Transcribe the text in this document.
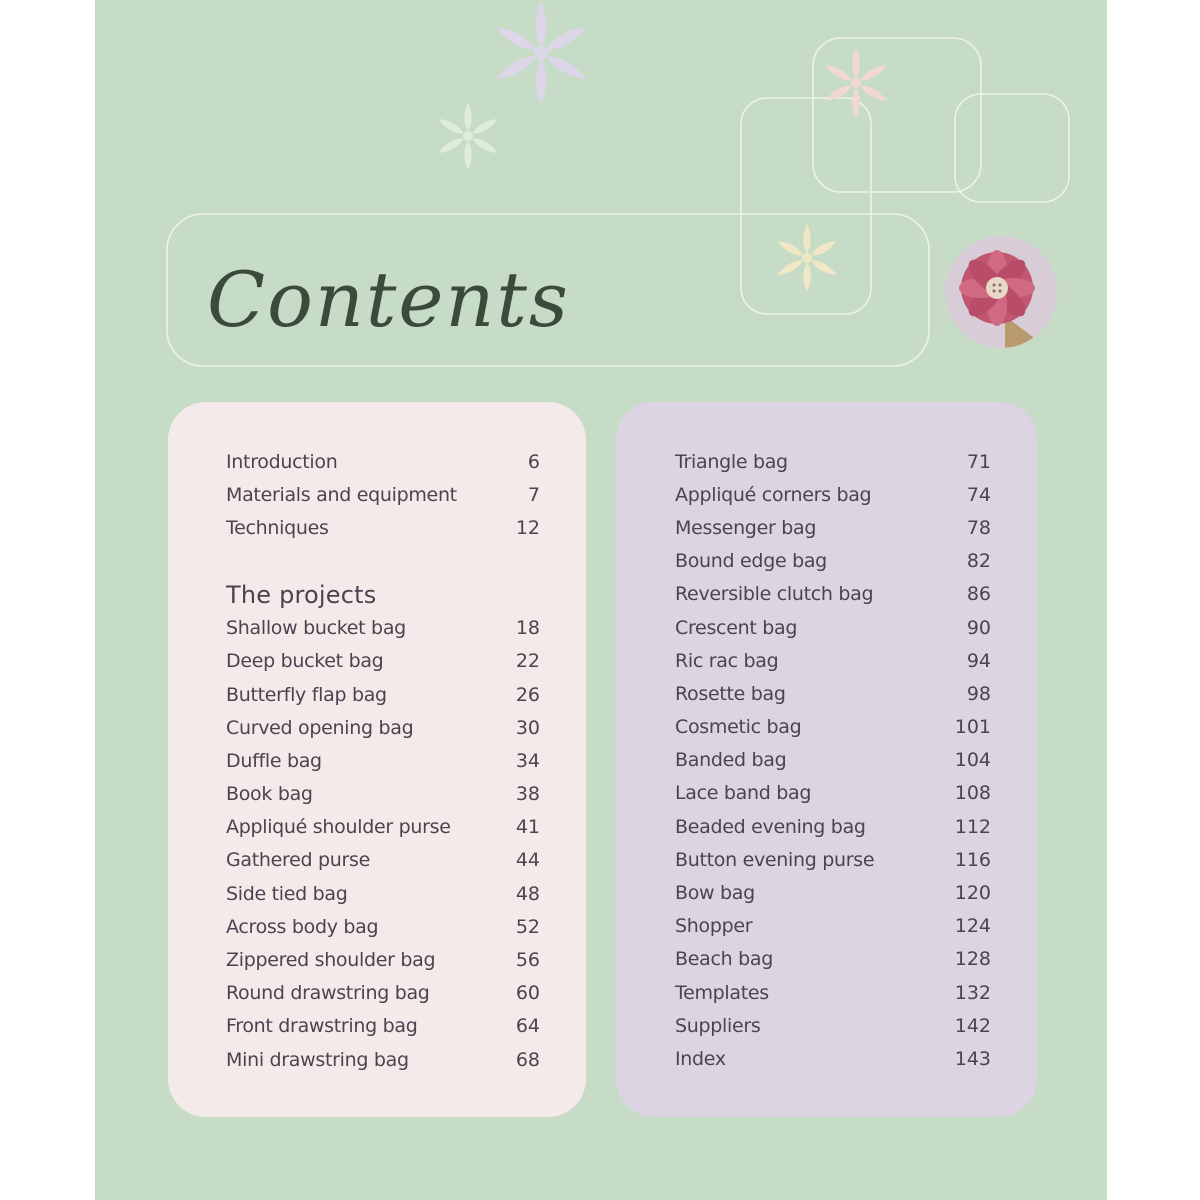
Contents
Introduction	6
Materials and equipment	7
Techniques	12
The projects
Shallow bucket bag	18
Deep bucket bag	22
Butterfly flap bag	26
Curved opening bag	30
Duffle bag	34
Book bag	38
Appliqué shoulder purse	41
Gathered purse	44
Side tied bag	48
Across body bag	52
Zippered shoulder bag	56
Round drawstring bag	60
Front drawstring bag	64
Mini drawstring bag	68
Triangle bag	71
Appliqué corners bag	74
Messenger bag	78
Bound edge bag	82
Reversible clutch bag	86
Crescent bag	90
Ric rac bag	94
Rosette bag	98
Cosmetic bag	101
Banded bag	104
Lace band bag	108
Beaded evening bag	112
Button evening purse	116
Bow bag	120
Shopper	124
Beach bag	128
Templates	132
Suppliers	142
Index	143
